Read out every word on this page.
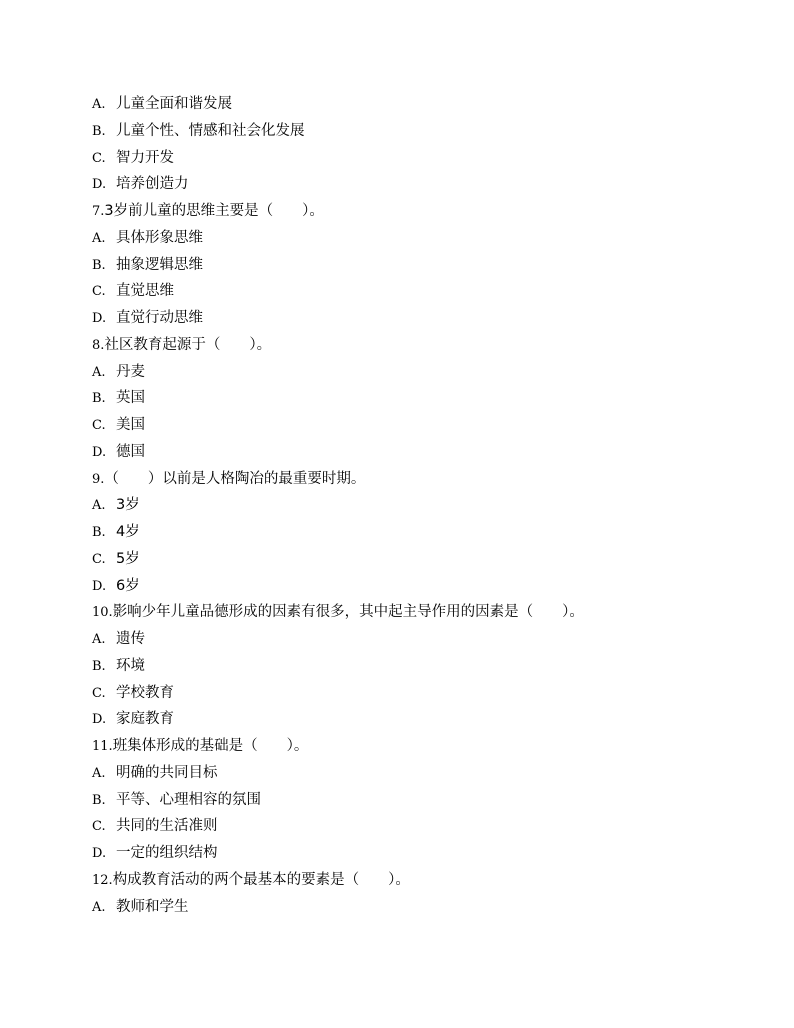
A. 儿童全面和谐发展
B. 儿童个性、情感和社会化发展
C. 智力开发
D. 培养创造力
7.3岁前儿童的思维主要是（　　）。
A. 具体形象思维
B. 抽象逻辑思维
C. 直觉思维
D. 直觉行动思维
8.社区教育起源于（　　）。
A. 丹麦
B. 英国
C. 美国
D. 德国
9.（　　）以前是人格陶冶的最重要时期。
A. 3岁
B. 4岁
C. 5岁
D. 6岁
10.影响少年儿童品德形成的因素有很多，其中起主导作用的因素是（　　）。
A. 遗传
B. 环境
C. 学校教育
D. 家庭教育
11.班集体形成的基础是（　　）。
A. 明确的共同目标
B. 平等、心理相容的氛围
C. 共同的生活准则
D. 一定的组织结构
12.构成教育活动的两个最基本的要素是（　　）。
A. 教师和学生
